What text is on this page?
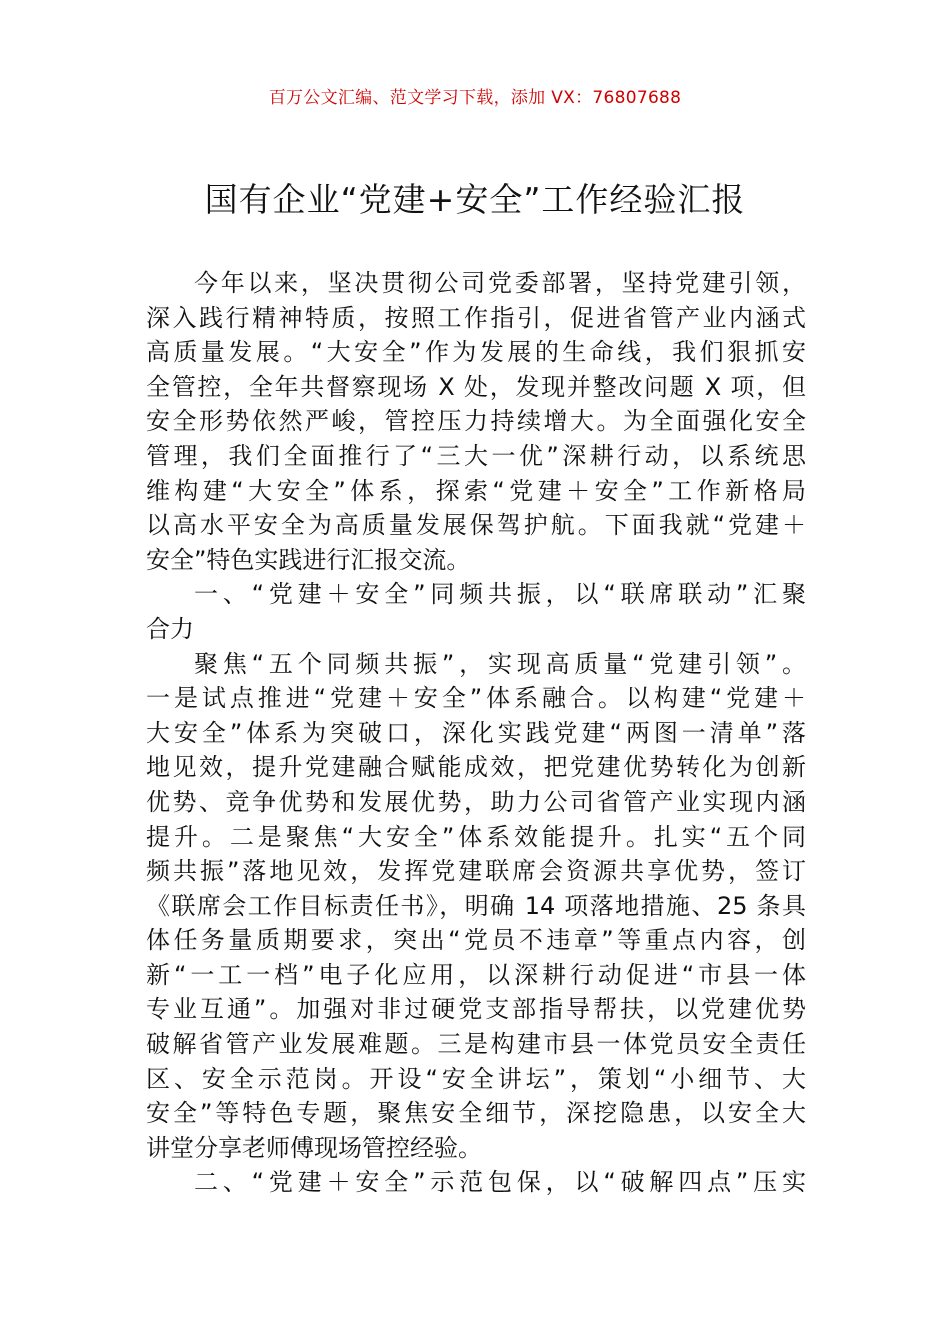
百万公文汇编、范文学习下载，添加 VX：76807688
国有企业“党建+安全”工作经验汇报
今年以来，坚决贯彻公司党委部署，坚持党建引领，
深入践行精神特质，按照工作指引，促进省管产业内涵式
高质量发展。“大安全”作为发展的生命线，我们狠抓安
全管控，全年共督察现场 X 处，发现并整改问题 X 项，但
安全形势依然严峻，管控压力持续增大。为全面强化安全
管理，我们全面推行了“三大一优”深耕行动，以系统思
维构建“大安全”体系，探索“党建＋安全”工作新格局
以高水平安全为高质量发展保驾护航。下面我就“党建＋
安全”特色实践进行汇报交流。
一、“党建＋安全”同频共振，以“联席联动”汇聚
合力
聚焦“五个同频共振”，实现高质量“党建引领”。
一是试点推进“党建＋安全”体系融合。以构建“党建＋
大安全”体系为突破口，深化实践党建“两图一清单”落
地见效，提升党建融合赋能成效，把党建优势转化为创新
优势、竞争优势和发展优势，助力公司省管产业实现内涵
提升。二是聚焦“大安全”体系效能提升。扎实“五个同
频共振”落地见效，发挥党建联席会资源共享优势，签订
《联席会工作目标责任书》，明确 14 项落地措施、25 条具
体任务量质期要求，突出“党员不违章”等重点内容，创
新“一工一档”电子化应用，以深耕行动促进“市县一体
专业互通”。加强对非过硬党支部指导帮扶，以党建优势
破解省管产业发展难题。三是构建市县一体党员安全责任
区、安全示范岗。开设“安全讲坛”，策划“小细节、大
安全”等特色专题，聚焦安全细节，深挖隐患，以安全大
讲堂分享老师傅现场管控经验。
二、“党建＋安全”示范包保，以“破解四点”压实
